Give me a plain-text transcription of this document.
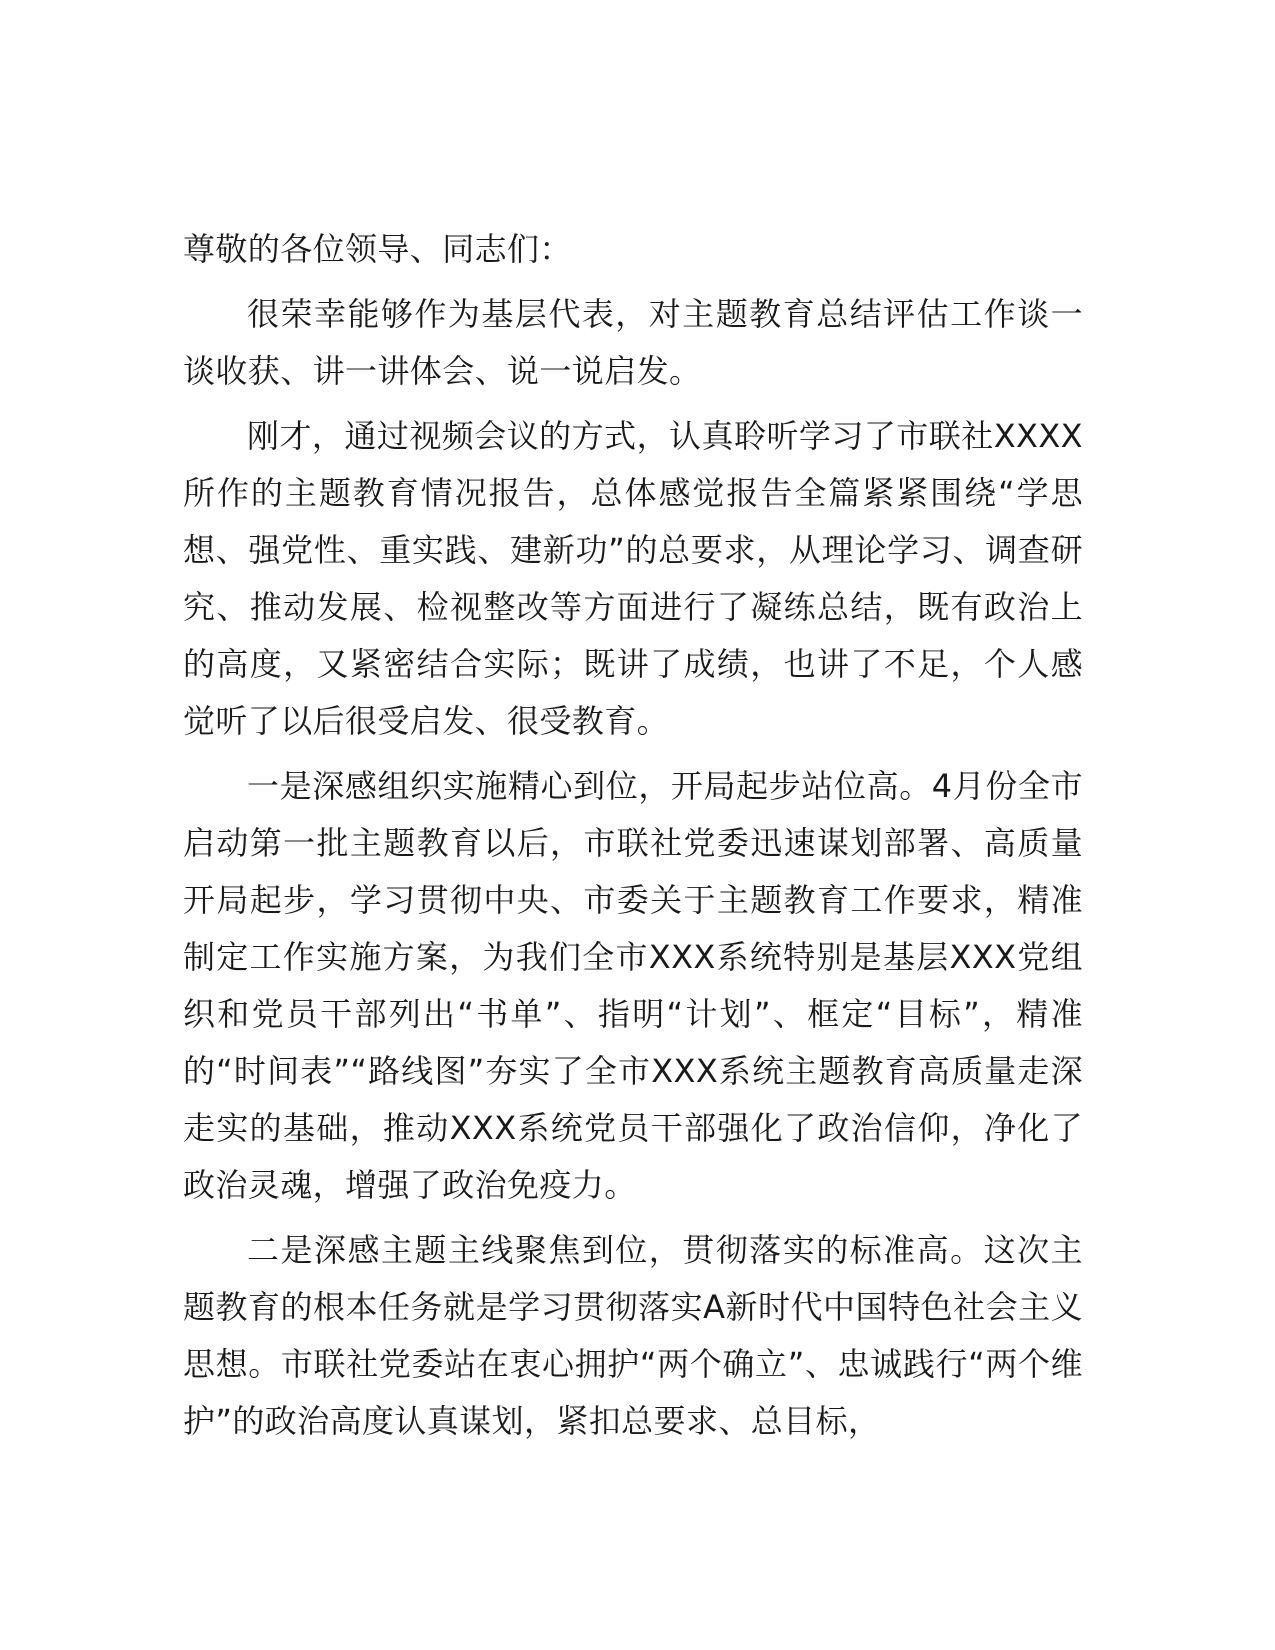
尊敬的各位领导、同志们：

很荣幸能够作为基层代表，对主题教育总结评估工作谈一谈收获、讲一讲体会、说一说启发。

刚才，通过视频会议的方式，认真聆听学习了市联社XXXX所作的主题教育情况报告，总体感觉报告全篇紧紧围绕“学思想、强党性、重实践、建新功”的总要求，从理论学习、调查研究、推动发展、检视整改等方面进行了凝练总结，既有政治上的高度，又紧密结合实际；既讲了成绩，也讲了不足，个人感觉听了以后很受启发、很受教育。

一是深感组织实施精心到位，开局起步站位高。4月份全市启动第一批主题教育以后，市联社党委迅速谋划部署、高质量开局起步，学习贯彻中央、市委关于主题教育工作要求，精准制定工作实施方案，为我们全市XXX系统特别是基层XXX党组织和党员干部列出“书单”、指明“计划”、框定“目标”，精准的“时间表”“路线图”夯实了全市XXX系统主题教育高质量走深走实的基础，推动XXX系统党员干部强化了政治信仰，净化了政治灵魂，增强了政治免疫力。

二是深感主题主线聚焦到位，贯彻落实的标准高。这次主题教育的根本任务就是学习贯彻落实A新时代中国特色社会主义思想。市联社党委站在衷心拥护“两个确立”、忠诚践行“两个维护”的政治高度认真谋划，紧扣总要求、总目标，
